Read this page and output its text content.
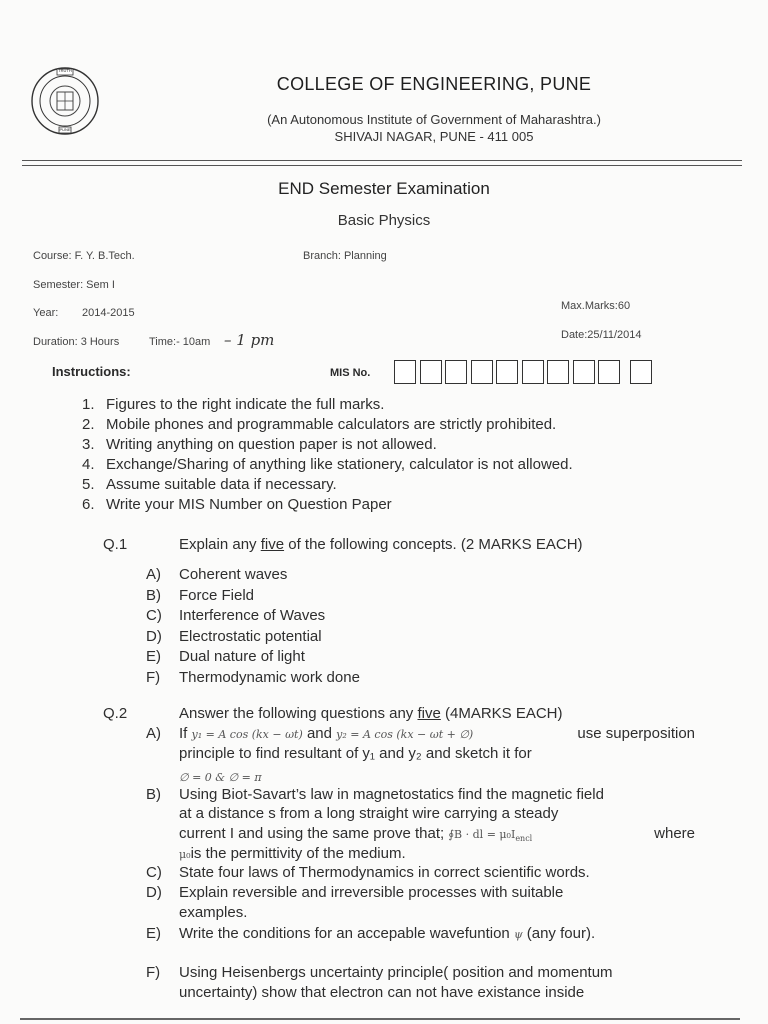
TRUTH
PUNE
COLLEGE OF ENGINEERING, PUNE
(An Autonomous Institute of Government of Maharashtra.)
SHIVAJI NAGAR, PUNE - 411 005
END Semester Examination
Basic Physics
Course: F. Y. B.Tech.	Branch: Planning
Semester: Sem I
Year: 2014-2015
Max.Marks:60
Duration: 3 Hours	Time:- 10am – 1 pm	Date:25/11/2014
Instructions:	MIS No.
1. Figures to the right indicate the full marks.
2. Mobile phones and programmable calculators are strictly prohibited.
3. Writing anything on question paper is not allowed.
4. Exchange/Sharing of anything like stationery, calculator is not allowed.
5. Assume suitable data if necessary.
6. Write your MIS Number on Question Paper
Q.1	Explain any five of the following concepts. (2 MARKS EACH)
A) Coherent waves
B) Force Field
C) Interference of Waves
D) Electrostatic potential
E) Dual nature of light
F) Thermodynamic work done
Q.2	Answer the following questions any five (4MARKS EACH)
A) If y₁ = A cos (kx − ωt) and y₂ = A cos (kx − ωt + ∅)	use superposition
principle to find resultant of y₁ and y₂ and sketch it for
∅ = 0 & ∅ = π
B) Using Biot-Savart’s law in magnetostatics find the magnetic field
at a distance s from a long straight wire carrying a steady
current I and using the same prove that; ∮B · dl = $\mu_0I_{encl}$	where
μ₀is the permittivity of the medium.
C) State four laws of Thermodynamics in correct scientific words.
D) Explain reversible and irreversible processes with suitable
examples.
E) Write the conditions for an accepable wavefuntion ψ (any four).
F) Using Heisenbergs uncertainty principle( position and momentum
uncertainty) show that electron can not have existance inside
